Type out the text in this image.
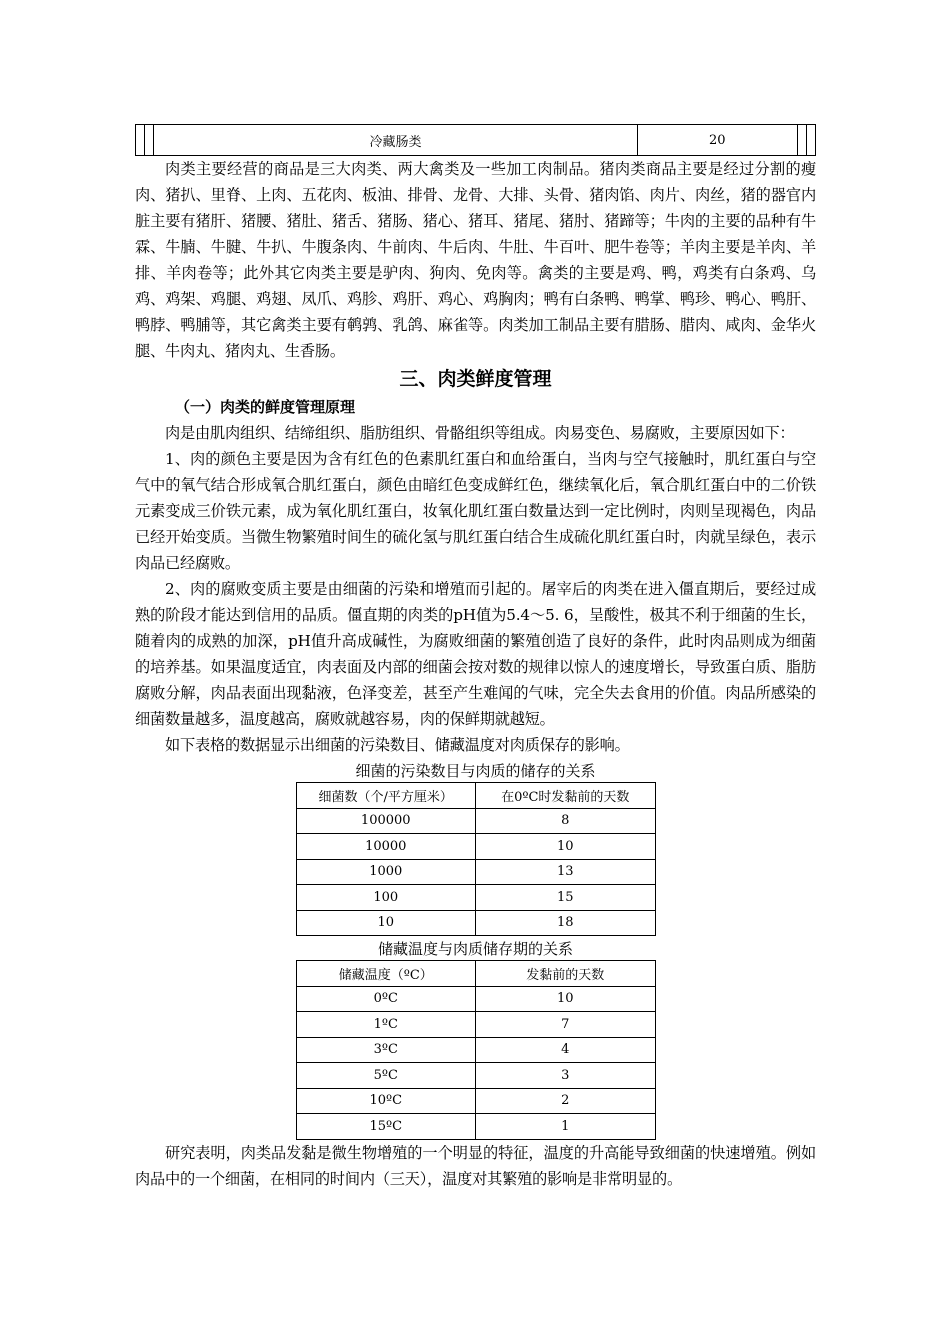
		冷藏肠类	20		

肉类主要经营的商品是三大肉类、两大禽类及一些加工肉制品。猪肉类商品主要是经过分割的瘦肉、猪扒、里脊、上肉、五花肉、板油、排骨、龙骨、大排、头骨、猪肉馅、肉片、肉丝，猪的器官内脏主要有猪肝、猪腰、猪肚、猪舌、猪肠、猪心、猪耳、猪尾、猪肘、猪蹄等；牛肉的主要的品种有牛霖、牛腩、牛腱、牛扒、牛腹条肉、牛前肉、牛后肉、牛肚、牛百叶、肥牛卷等；羊肉主要是羊肉、羊排、羊肉卷等；此外其它肉类主要是驴肉、狗肉、免肉等。禽类的主要是鸡、鸭，鸡类有白条鸡、乌鸡、鸡架、鸡腿、鸡翅、凤爪、鸡胗、鸡肝、鸡心、鸡胸肉；鸭有白条鸭、鸭掌、鸭珍、鸭心、鸭肝、鸭脖、鸭脯等，其它禽类主要有鹌鹑、乳鸽、麻雀等。肉类加工制品主要有腊肠、腊肉、咸肉、金华火腿、牛肉丸、猪肉丸、生香肠。

三、肉类鲜度管理
（一）肉类的鲜度管理原理

肉是由肌肉组织、结缔组织、脂肪组织、骨骼组织等组成。肉易变色、易腐败，主要原因如下：

1、肉的颜色主要是因为含有红色的色素肌红蛋白和血给蛋白，当肉与空气接触时，肌红蛋白与空气中的氧气结合形成氧合肌红蛋白，颜色由暗红色变成鲜红色，继续氧化后，氧合肌红蛋白中的二价铁元素变成三价铁元素，成为氧化肌红蛋白，妆氧化肌红蛋白数量达到一定比例时，肉则呈现褐色，肉品已经开始变质。当微生物繁殖时间生的硫化氢与肌红蛋白结合生成硫化肌红蛋白时，肉就呈绿色，表示肉品已经腐败。

2、肉的腐败变质主要是由细菌的污染和增殖而引起的。屠宰后的肉类在进入僵直期后，要经过成熟的阶段才能达到信用的品质。僵直期的肉类的pH值为5.4～5. 6，呈酸性，极其不利于细菌的生长，随着肉的成熟的加深，pH值升高成碱性，为腐败细菌的繁殖创造了良好的条件，此时肉品则成为细菌的培养基。如果温度适宜，肉表面及内部的细菌会按对数的规律以惊人的速度增长，导致蛋白质、脂肪腐败分解，肉品表面出现黏液，色泽变差，甚至产生难闻的气味，完全失去食用的价值。肉品所感染的细菌数量越多，温度越高，腐败就越容易，肉的保鲜期就越短。

如下表格的数据显示出细菌的污染数目、储藏温度对肉质保存的影响。

细菌的污染数目与肉质的储存的关系
细菌数（个/平方厘米）	在0ºC时发黏前的天数
100000	8
10000	10
1000	13
100	15
10	18
储藏温度与肉质储存期的关系
储藏温度（ºC）	发黏前的天数
0ºC	10
1ºC	7
3ºC	4
5ºC	3
10ºC	2
15ºC	1

研究表明，肉类品发黏是微生物增殖的一个明显的特征，温度的升高能导致细菌的快速增殖。例如肉品中的一个细菌，在相同的时间内（三天），温度对其繁殖的影响是非常明显的。
